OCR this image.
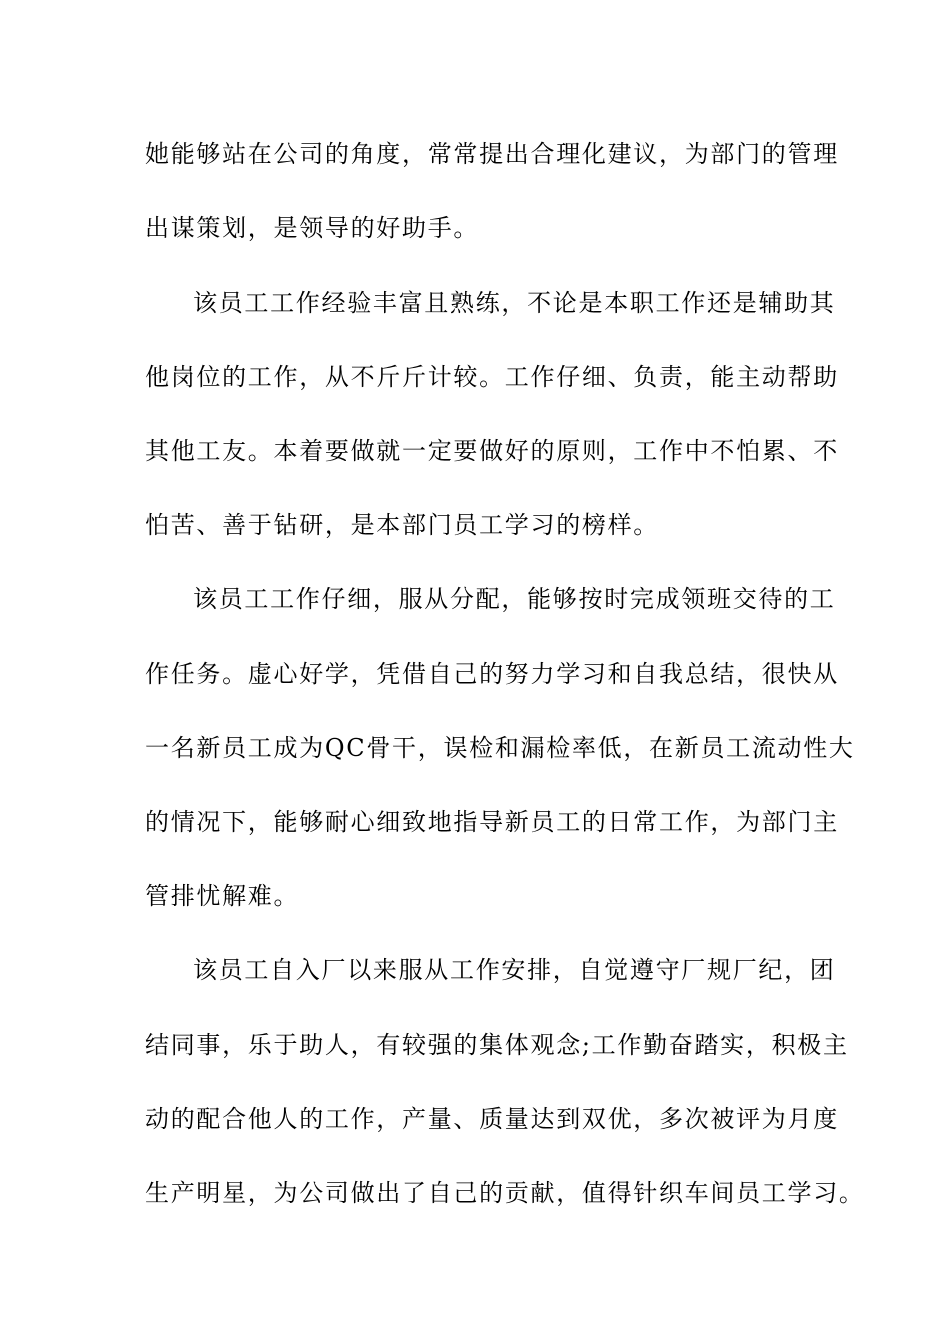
她能够站在公司的角度，常常提出合理化建议，为部门的管理
出谋策划，是领导的好助手。
该员工工作经验丰富且熟练，不论是本职工作还是辅助其
他岗位的工作，从不斤斤计较。工作仔细、负责，能主动帮助
其他工友。本着要做就一定要做好的原则，工作中不怕累、不
怕苦、善于钻研，是本部门员工学习的榜样。
该员工工作仔细，服从分配，能够按时完成领班交待的工
作任务。虚心好学，凭借自己的努力学习和自我总结，很快从
一名新员工成为QC骨干，误检和漏检率低，在新员工流动性大
的情况下，能够耐心细致地指导新员工的日常工作，为部门主
管排忧解难。
该员工自入厂以来服从工作安排，自觉遵守厂规厂纪，团
结同事，乐于助人，有较强的集体观念;工作勤奋踏实，积极主
动的配合他人的工作，产量、质量达到双优，多次被评为月度
生产明星，为公司做出了自己的贡献，值得针织车间员工学习。
